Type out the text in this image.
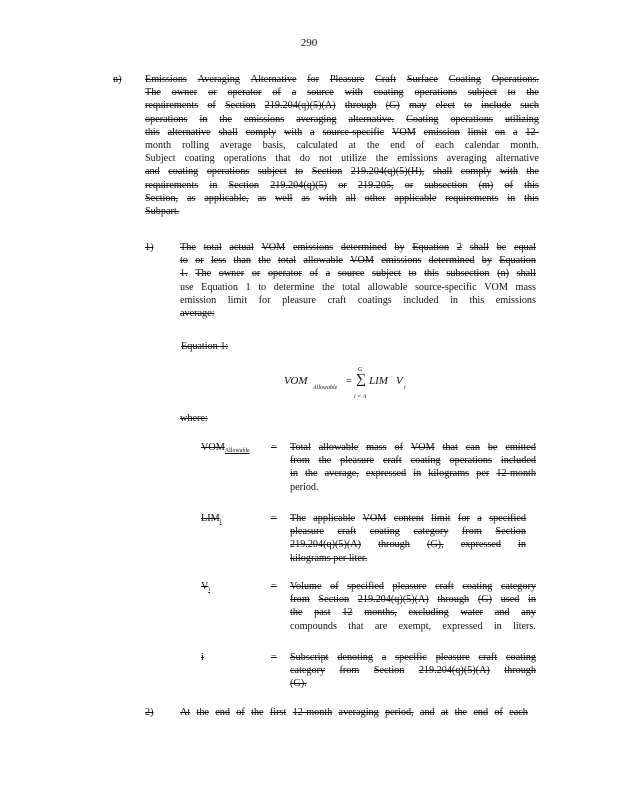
290
n) Emissions Averaging Alternative for Pleasure Craft Surface Coating Operations.
The owner or operator of a source with coating operations subject to the
requirements of Section 219.204(q)(5)(A) through (G) may elect to include such
operations in the emissions averaging alternative. Coating operations utilizing
this alternative shall comply with a source-specific VOM emission limit on a 12-
month rolling average basis, calculated at the end of each calendar month.
Subject coating operations that do not utilize the emissions averaging alternative
and coating operations subject to Section 219.204(q)(5)(H), shall comply with the
requirements in Section 219.204(q)(5) or 219.205, or subsection (m) of this
Section, as applicable, as well as with all other applicable requirements in this
Subpart.
1)	The total actual VOM emissions determined by Equation 2 shall be equal
to or less than the total allowable VOM emissions determined by Equation
1. The owner or operator of a source subject to this subsection (n) shall
use Equation 1 to determine the total allowable source-specific VOM mass
emission limit for pleasure craft coatings included in this emissions
average:
Equation 1:
VOM
Allowable
=
G
∑
i = A
LIM V
i
where:
$VOM_{Allowable}$ = Total allowable mass of VOM that can be emitted
from the pleasure craft coating operations included
in the average, expressed in kilograms per 12-month
period.
$LIM_i$	= The applicable VOM content limit for a specified
pleasure craft coating category from Section
219.204(q)(5)(A) through (G), expressed in
kilograms per liter.
$V_i$	= Volume of specified pleasure craft coating category
from Section 219.204(q)(5)(A) through (G) used in
the past 12 months, excluding water and any
compounds that are exempt, expressed in liters.
i	= Subscript denoting a specific pleasure craft coating
category from Section 219.204(q)(5)(A) through
(G).
2)	At the end of the first 12-month averaging period, and at the end of each
